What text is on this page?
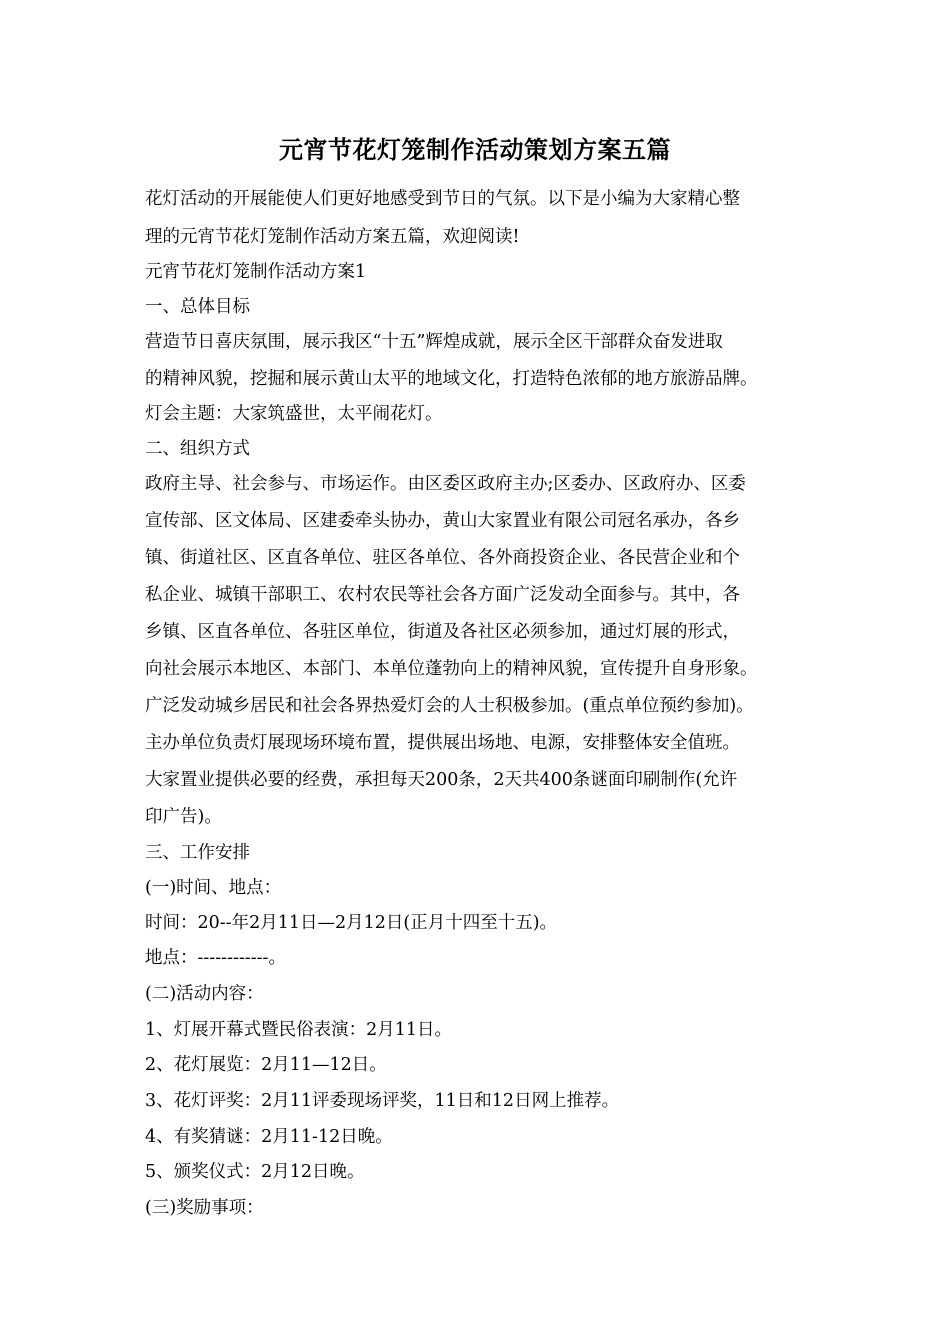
元宵节花灯笼制作活动策划方案五篇
花灯活动的开展能使人们更好地感受到节日的气氛。以下是小编为大家精心整
理的元宵节花灯笼制作活动方案五篇，欢迎阅读!
元宵节花灯笼制作活动方案1
一、总体目标
营造节日喜庆氛围，展示我区“十五”辉煌成就，展示全区干部群众奋发进取
的精神风貌，挖掘和展示黄山太平的地域文化，打造特色浓郁的地方旅游品牌。
灯会主题：大家筑盛世，太平闹花灯。
二、组织方式
政府主导、社会参与、市场运作。由区委区政府主办;区委办、区政府办、区委
宣传部、区文体局、区建委牵头协办，黄山大家置业有限公司冠名承办，各乡
镇、街道社区、区直各单位、驻区各单位、各外商投资企业、各民营企业和个
私企业、城镇干部职工、农村农民等社会各方面广泛发动全面参与。其中，各
乡镇、区直各单位、各驻区单位，街道及各社区必须参加，通过灯展的形式，
向社会展示本地区、本部门、本单位蓬勃向上的精神风貌，宣传提升自身形象。
广泛发动城乡居民和社会各界热爱灯会的人士积极参加。(重点单位预约参加)。
主办单位负责灯展现场环境布置，提供展出场地、电源，安排整体安全值班。
大家置业提供必要的经费，承担每天200条，2天共400条谜面印刷制作(允许
印广告)。
三、工作安排
(一)时间、地点：
时间：20--年2月11日—2月12日(正月十四至十五)。
地点：------------。
(二)活动内容：
1、灯展开幕式暨民俗表演：2月11日。
2、花灯展览：2月11—12日。
3、花灯评奖：2月11评委现场评奖，11日和12日网上推荐。
4、有奖猜谜：2月11-12日晚。
5、颁奖仪式：2月12日晚。
(三)奖励事项：
